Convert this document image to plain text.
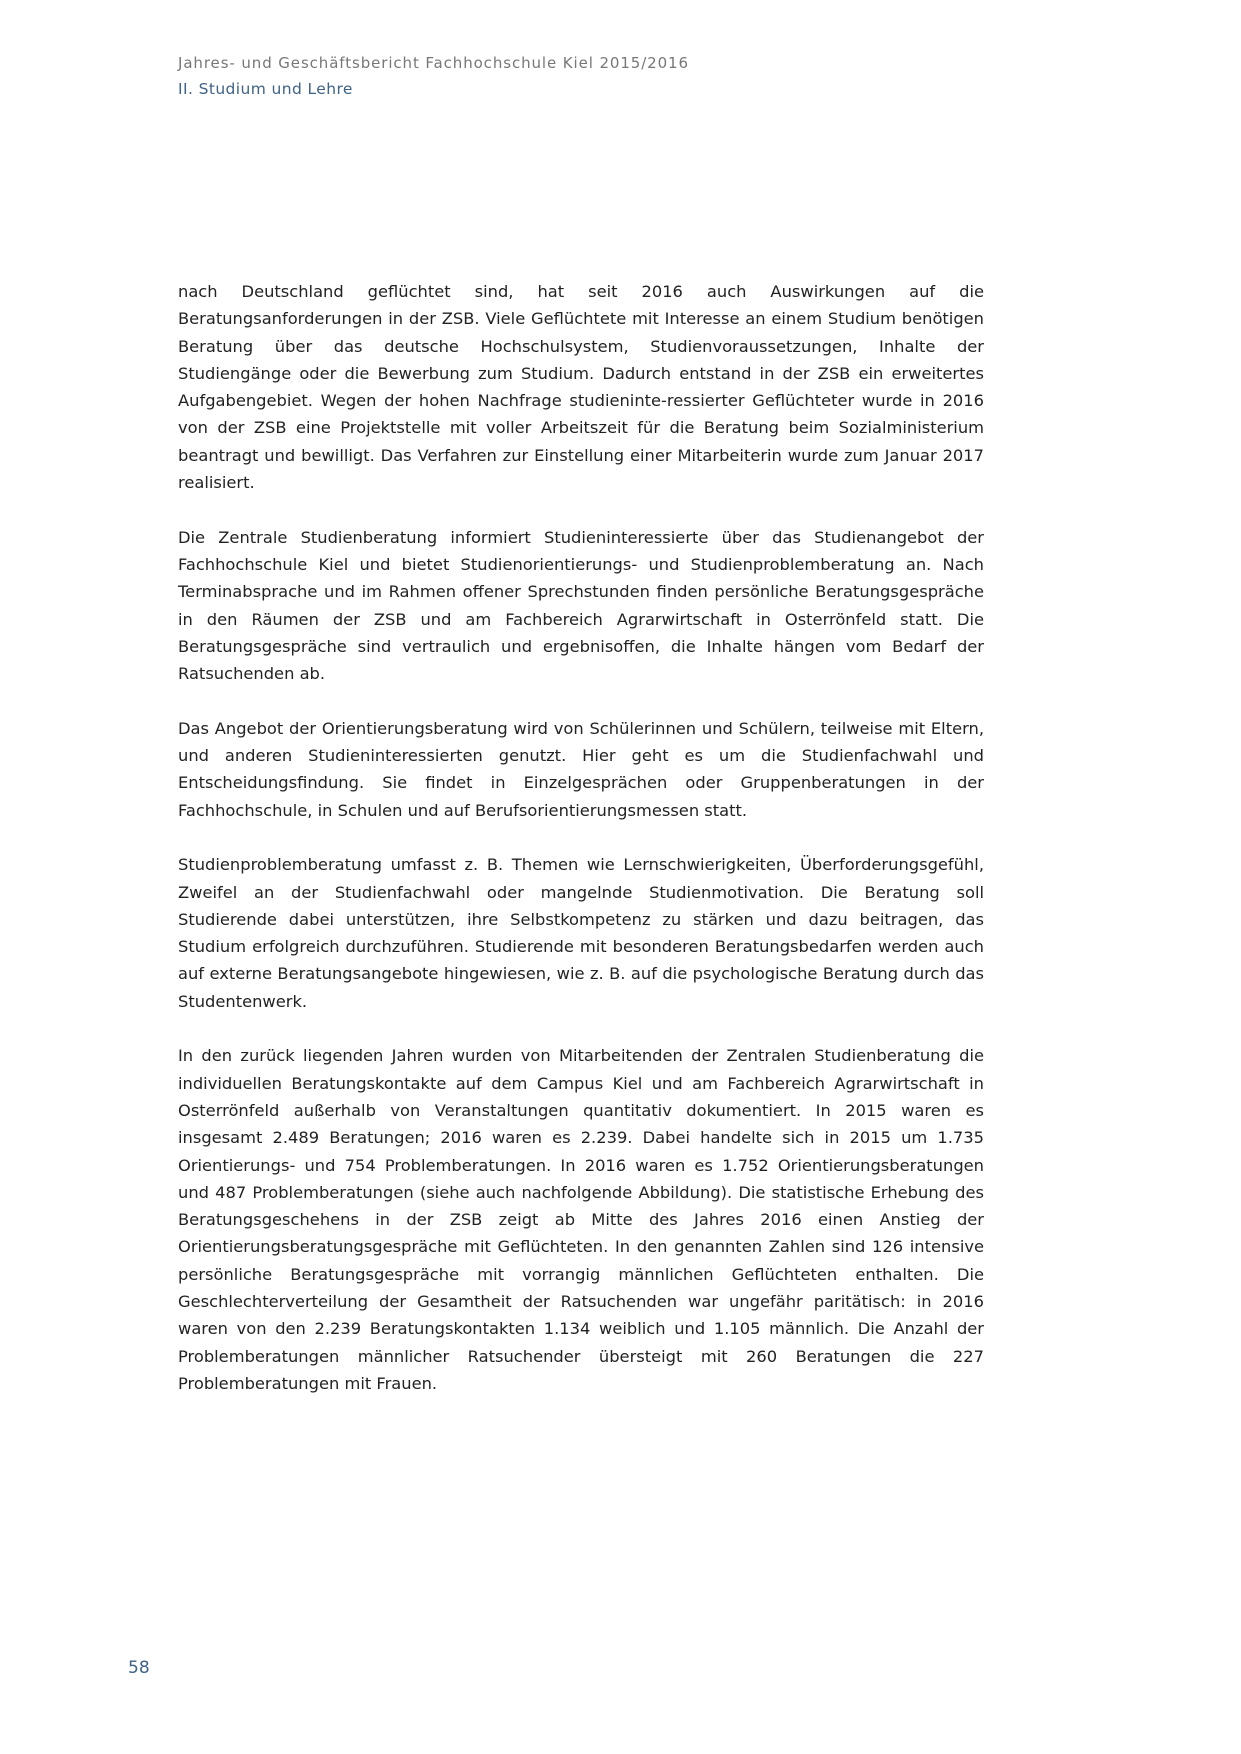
Jahres- und Geschäftsbericht Fachhochschule Kiel 2015/2016
II. Studium und Lehre

nach Deutschland geflüchtet sind, hat seit 2016 auch Auswirkungen auf die Beratungsanforderungen in der ZSB. Viele Geflüchtete mit Interesse an einem Studium benötigen Beratung über das deutsche Hochschulsystem, Studienvoraussetzungen, Inhalte der Studiengänge oder die Bewerbung zum Studium. Dadurch entstand in der ZSB ein erweitertes Aufgabengebiet. Wegen der hohen Nachfrage studieninte-ressierter Geflüchteter wurde in 2016 von der ZSB eine Projektstelle mit voller Arbeitszeit für die Beratung beim Sozialministerium beantragt und bewilligt. Das Verfahren zur Einstellung einer Mitarbeiterin wurde zum Januar 2017 realisiert.

Die Zentrale Studienberatung informiert Studieninteressierte über das Studienangebot der Fachhochschule Kiel und bietet Studienorientierungs- und Studienproblemberatung an. Nach Terminabsprache und im Rahmen offener Sprechstunden finden persönliche Beratungsgespräche in den Räumen der ZSB und am Fachbereich Agrarwirtschaft in Osterrönfeld statt. Die Beratungsgespräche sind vertraulich und ergebnisoffen, die Inhalte hängen vom Bedarf der Ratsuchenden ab.

Das Angebot der Orientierungsberatung wird von Schülerinnen und Schülern, teilweise mit Eltern, und anderen Studieninteressierten genutzt. Hier geht es um die Studienfachwahl und Entscheidungsfindung. Sie findet in Einzelgesprächen oder Gruppenberatungen in der Fachhochschule, in Schulen und auf Berufsorientierungsmessen statt.

Studienproblemberatung umfasst z. B. Themen wie Lernschwierigkeiten, Überforderungsgefühl, Zweifel an der Studienfachwahl oder mangelnde Studienmotivation. Die Beratung soll Studierende dabei unterstützen, ihre Selbstkompetenz zu stärken und dazu beitragen, das Studium erfolgreich durchzuführen. Studierende mit besonderen Beratungsbedarfen werden auch auf externe Beratungsangebote hingewiesen, wie z. B. auf die psychologische Beratung durch das Studentenwerk.

In den zurück liegenden Jahren wurden von Mitarbeitenden der Zentralen Studienberatung die individuellen Beratungskontakte auf dem Campus Kiel und am Fachbereich Agrarwirtschaft in Osterrönfeld außerhalb von Veranstaltungen quantitativ dokumentiert. In 2015 waren es insgesamt 2.489 Beratungen; 2016 waren es 2.239. Dabei handelte sich in 2015 um 1.735 Orientierungs- und 754 Problemberatungen. In 2016 waren es 1.752 Orientierungsberatungen und 487 Problemberatungen (siehe auch nachfolgende Abbildung). Die statistische Erhebung des Beratungsgeschehens in der ZSB zeigt ab Mitte des Jahres 2016 einen Anstieg der Orientierungsberatungsgespräche mit Geflüchteten. In den genannten Zahlen sind 126 intensive persönliche Beratungsgespräche mit vorrangig männlichen Geflüchteten enthalten. Die Geschlechterverteilung der Gesamtheit der Ratsuchenden war ungefähr paritätisch: in 2016 waren von den 2.239 Beratungskontakten 1.134 weiblich und 1.105 männlich. Die Anzahl der Problemberatungen männlicher Ratsuchender übersteigt mit 260 Beratungen die 227 Problemberatungen mit Frauen.

58
